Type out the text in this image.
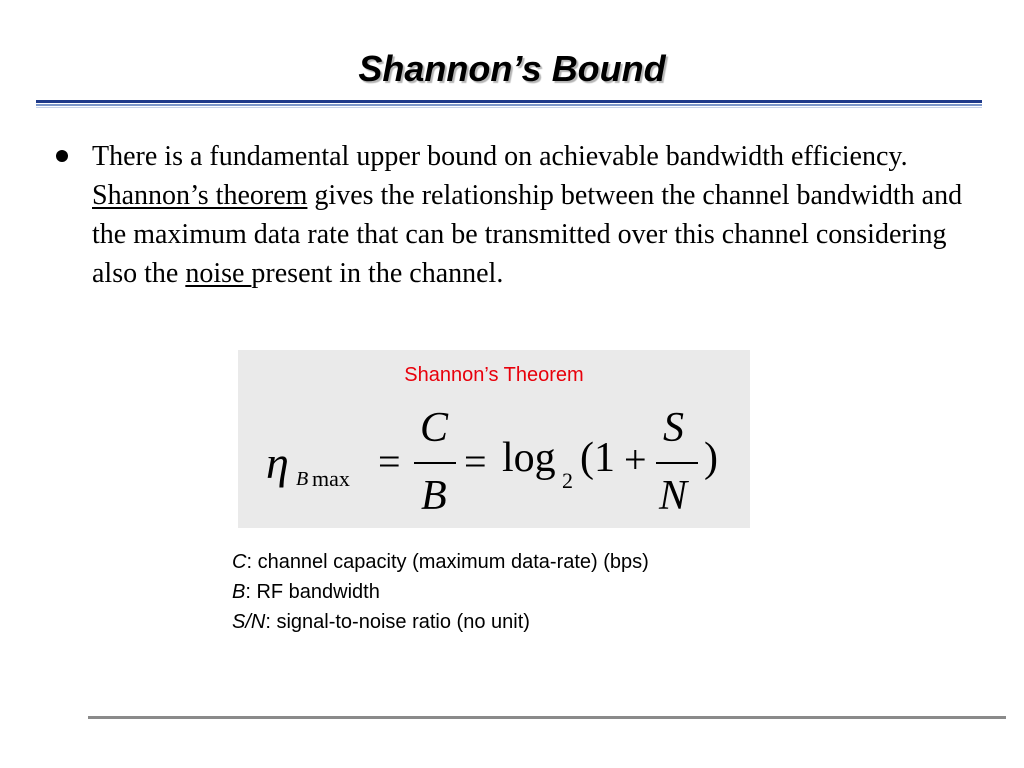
Shannon’s Bound
There is a fundamental upper bound on achievable bandwidth efficiency. Shannon’s theorem gives the relationship between the channel bandwidth and the maximum data rate that can be transmitted over this channel considering also the noise present in the channel.
Shannon’s Theorem
η B max =
C
B
= log 2 (1 +
S
N
)
C: channel capacity (maximum data-rate) (bps)
B: RF bandwidth
S/N: signal-to-noise ratio (no unit)
